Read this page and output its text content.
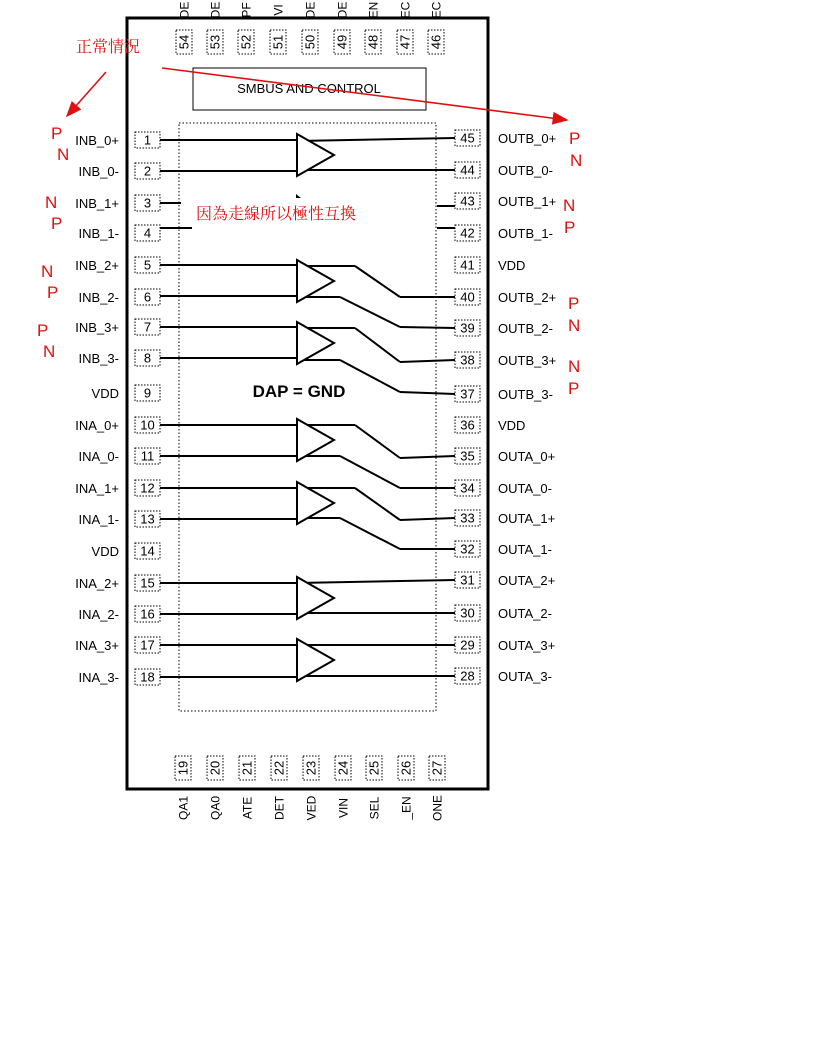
SMBUS AND CONTROL
DAP = GND
1
INB_0+
2
INB_0-
3
INB_1+
4
INB_1-
5
INB_2+
6
INB_2-
7
INB_3+
8
INB_3-
9
VDD
10
INA_0+
11
INA_0-
12
INA_1+
13
INA_1-
14
VDD
15
INA_2+
16
INA_2-
17
INA_3+
18
INA_3-
45 OUTB_0+
44 OUTB_0-
43 OUTB_1+
42 OUTB_1-
41 VDD
40 OUTB_2+
39 OUTB_2-
38 OUTB_3+
37 OUTB_3-
36 VDD
35 OUTA_0+
34 OUTA_0-
33 OUTA_1+
32 OUTA_1-
31 OUTA_2+
30 OUTA_2-
29 OUTA_3+
28 OUTA_3-
54
DE
53
DE
52
PF
51
VI
50
DE
49
DE
48
EN
47
EC
46
EC
19
QA1
20
QA0
21
ATE
22
DET
23
VED
24
VIN
25
SEL
26
_EN
27
ONE
P
N
N
P
N
P
P
N
P
N
N
P
P
N
N
P
正常情況
因為走線所以極性互換
